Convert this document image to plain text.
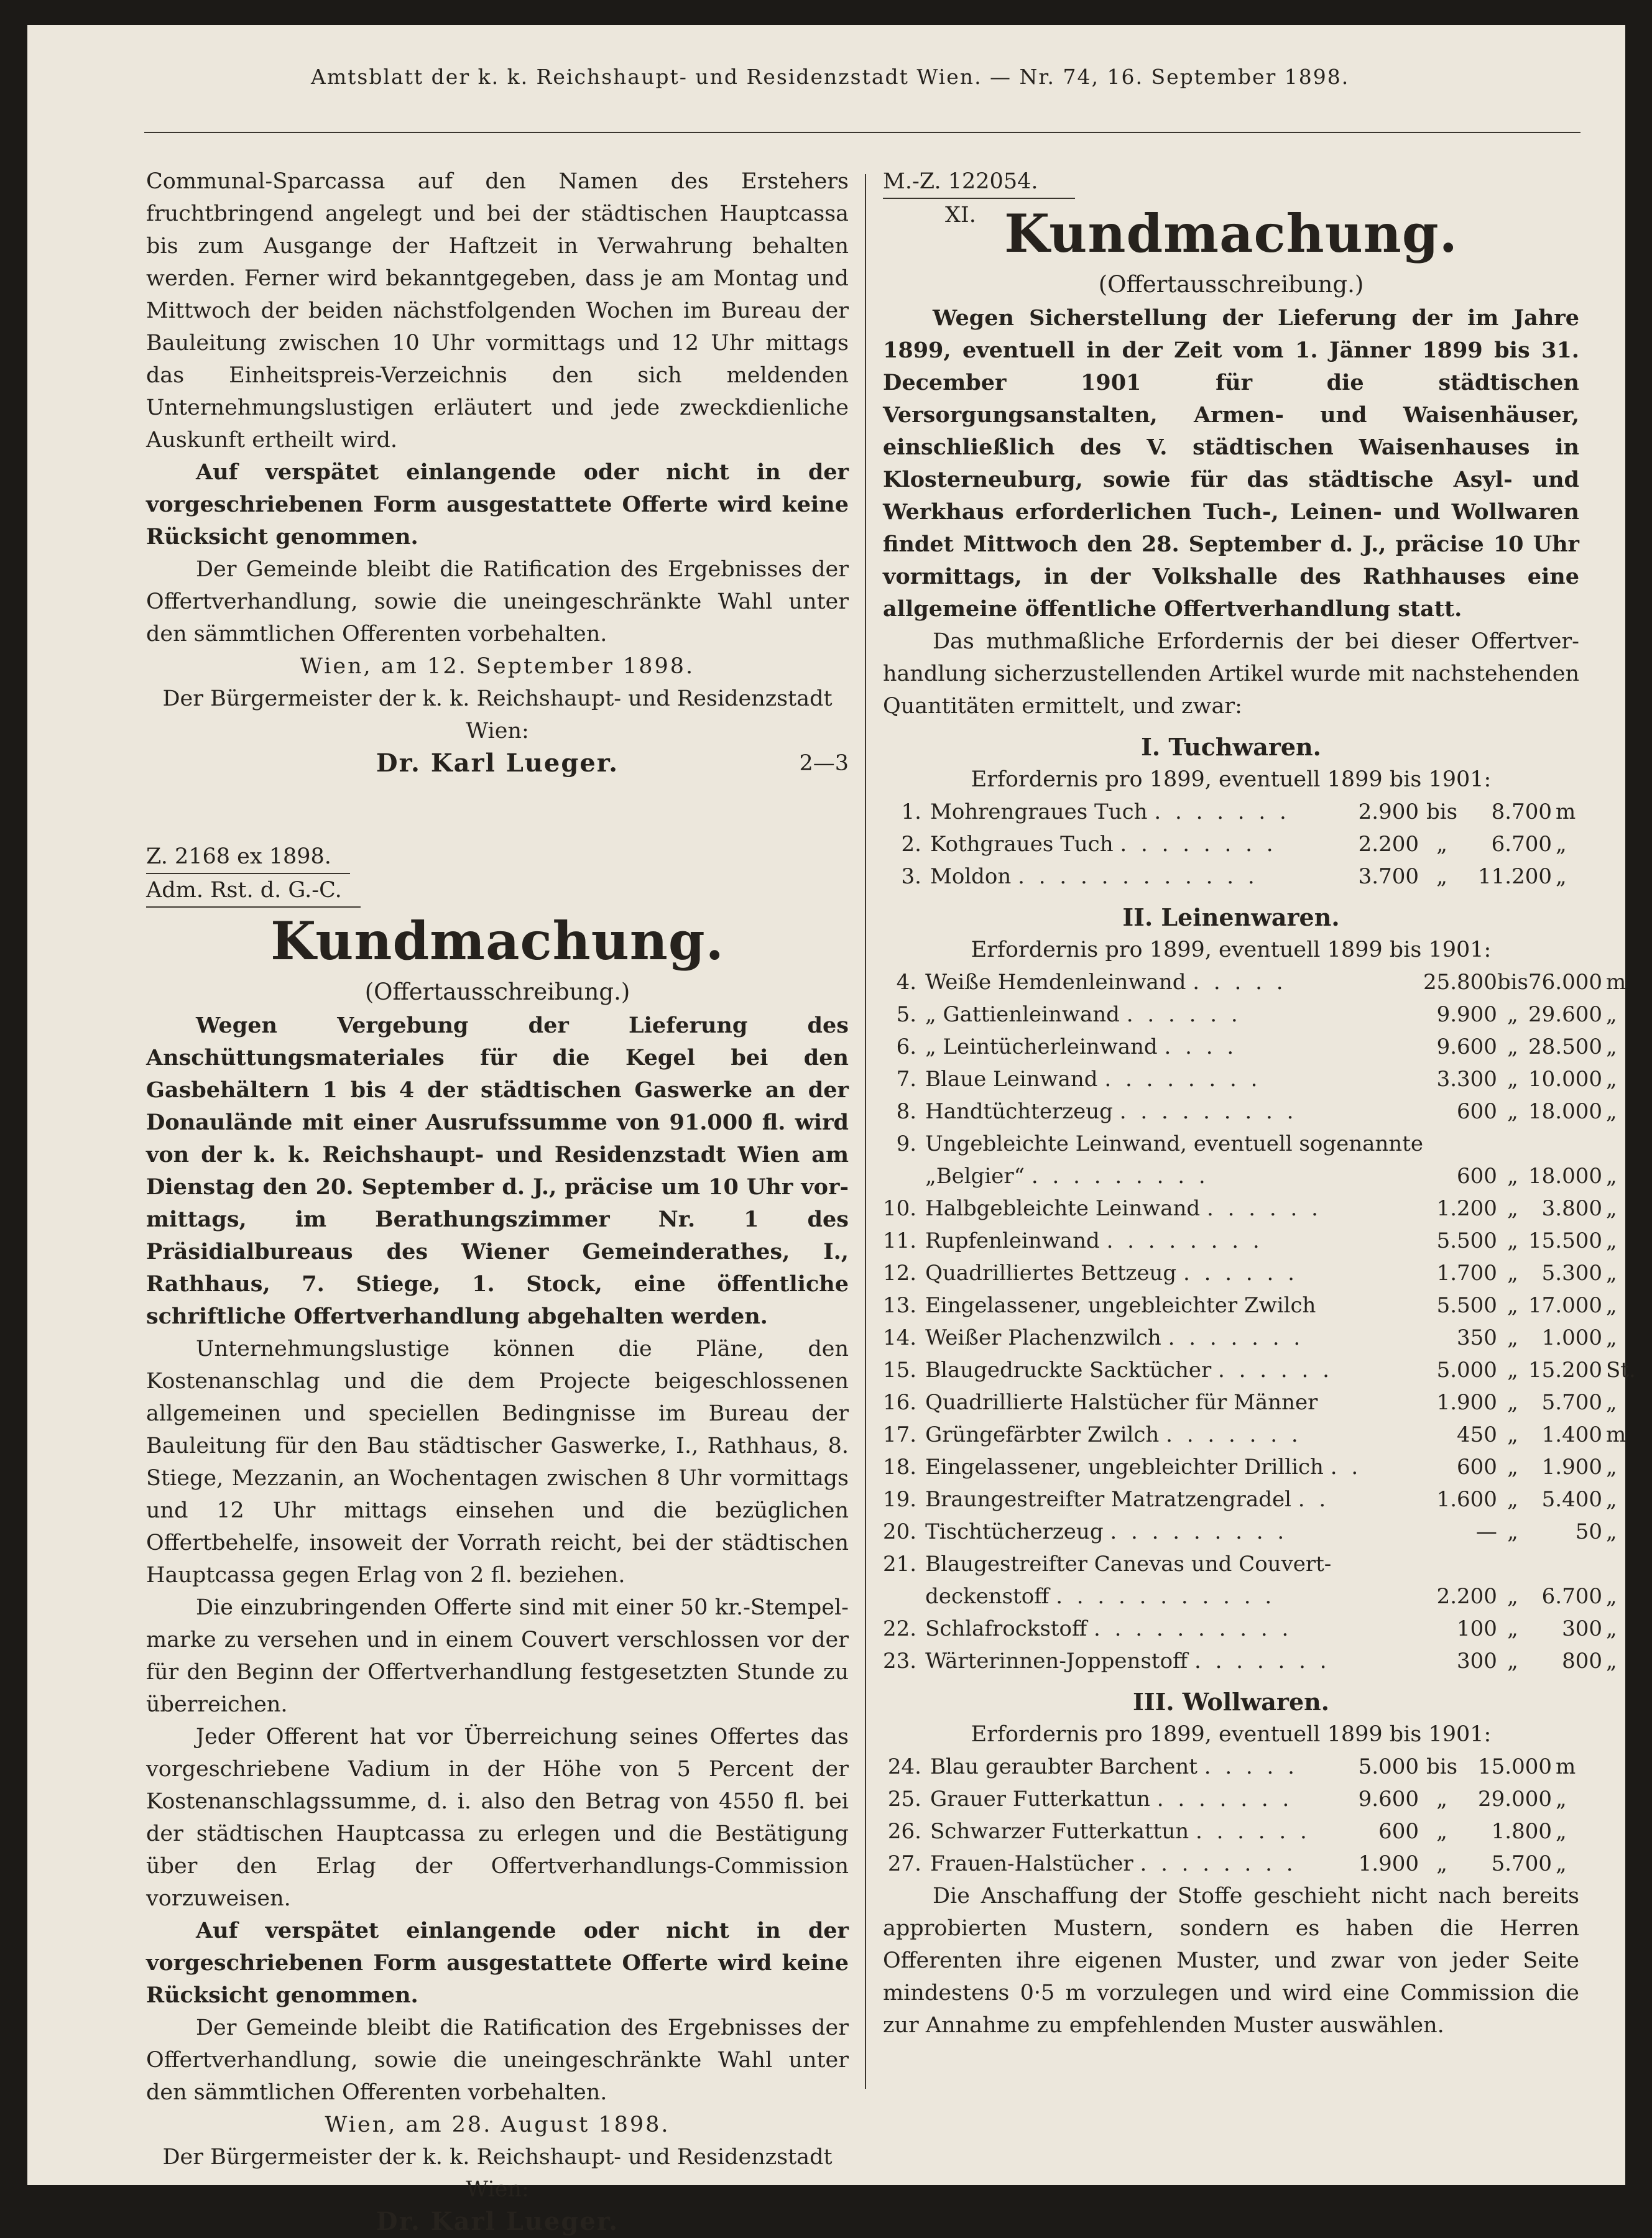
Amtsblatt der k. k. Reichshaupt- und Residenzstadt Wien. — Nr. 74, 16. September 1898.

Communal-Sparcassa auf den Namen des Erstehers fruchtbringend angelegt und bei der städtischen Hauptcassa bis zum Ausgange der Haftzeit in Verwahrung behalten werden. Ferner wird bekanntgegeben, dass je am Montag und Mittwoch der beiden nächstfolgenden Wochen im Bureau der Bauleitung zwischen 10 Uhr vormittags und 12 Uhr mittags das Einheitspreis-Verzeichnis den sich meldenden Unternehmungslustigen erläutert und jede zweckdienliche Auskunft ertheilt wird.

Auf verspätet einlangende oder nicht in der vorgeschriebenen Form ausgestattete Offerte wird keine Rücksicht genommen.

Der Gemeinde bleibt die Ratification des Ergebnisses der Offertverhandlung, sowie die uneingeschränkte Wahl unter den sämmtlichen Offerenten vorbehalten.

Wien, am 12. September 1898.

Der Bürgermeister der k. k. Reichshaupt- und Residenzstadt Wien:

Dr. Karl Lueger.	2—3
Z. 2168 ex 1898.
Adm. Rst. d. G.-C.
Kundmachung.
(Offertausschreibung.)

Wegen Vergebung der Lieferung des Anschüttungsmateriales für die Kegel bei den Gasbehältern 1 bis 4 der städtischen Gaswerke an der Donaulände mit einer Ausrufssumme von 91.000 fl. wird von der k. k. Reichshaupt- und Residenzstadt Wien am Dienstag den 20. September d. J., präcise um 10 Uhr vormittags, im Berathungszimmer Nr. 1 des Präsidialbureaus des Wiener Gemeinderathes, I., Rathhaus, 7. Stiege, 1. Stock, eine öffentliche schriftliche Offertverhandlung abgehalten werden.

Unternehmungslustige können die Pläne, den Kostenanschlag und die dem Projecte beigeschlossenen allgemeinen und speciellen Bedingnisse im Bureau der Bauleitung für den Bau städtischer Gaswerke, I., Rathhaus, 8. Stiege, Mezzanin, an Wochentagen zwischen 8 Uhr vormittags und 12 Uhr mittags einsehen und die bezüglichen Offertbehelfe, insoweit der Vorrath reicht, bei der städtischen Hauptcassa gegen Erlag von 2 fl. beziehen.

Die einzubringenden Offerte sind mit einer 50 kr.-Stempelmarke zu versehen und in einem Couvert verschlossen vor der für den Beginn der Offertverhandlung festgesetzten Stunde zu überreichen.

Jeder Offerent hat vor Überreichung seines Offertes das vorgeschriebene Vadium in der Höhe von 5 Percent der Kostenanschlagssumme, d. i. also den Betrag von 4550 fl. bei der städtischen Hauptcassa zu erlegen und die Bestätigung über den Erlag der Offertverhandlungs-Commission vorzuweisen.

Auf verspätet einlangende oder nicht in der vorgeschriebenen Form ausgestattete Offerte wird keine Rücksicht genommen.

Der Gemeinde bleibt die Ratification des Ergebnisses der Offertverhandlung, sowie die uneingeschränkte Wahl unter den sämmtlichen Offerenten vorbehalten.

Wien, am 28. August 1898.

Der Bürgermeister der k. k. Reichshaupt- und Residenzstadt Wien:

Dr. Karl Lueger.
M.-Z. 122054.
XI. Kundmachung.
(Offertausschreibung.)

Wegen Sicherstellung der Lieferung der im Jahre 1899, eventuell in der Zeit vom 1. Jänner 1899 bis 31. December 1901 für die städtischen Versorgungsanstalten, Armen- und Waisenhäuser, einschließlich des V. städtischen Waisenhauses in Klosterneuburg, sowie für das städtische Asyl- und Werkhaus erforderlichen Tuch-, Leinen- und Wollwaren findet Mittwoch den 28. September d. J., präcise 10 Uhr vormittags, in der Volkshalle des Rathhauses eine allgemeine öffentliche Offertverhandlung statt.

Das muthmaßliche Erfordernis der bei dieser Offertverhandlung sicherzustellenden Artikel wurde mit nachstehenden Quantitäten ermittelt, und zwar:

I. Tuchwaren.
Erfordernis pro 1899, eventuell 1899 bis 1901:
1.	Mohrengraues Tuch . . . . . . .	2.900	bis	8.700	m
2.	Kothgraues Tuch . . . . . . . .	2.200	„	6.700	„
3.	Moldon . . . . . . . . . . . .	3.700	„	11.200	„
II. Leinenwaren.
Erfordernis pro 1899, eventuell 1899 bis 1901:
4.	Weiße Hemdenleinwand . . . . .	25.800	bis	76.000	m
5.	„ Gattienleinwand . . . . . .	9.900	„	29.600	„
6.	„ Leintücherleinwand . . . .	9.600	„	28.500	„
7.	Blaue Leinwand . . . . . . . .	3.300	„	10.000	„
8.	Handtüchterzeug . . . . . . . . .	600	„	18.000	„
9.	Ungebleichte Leinwand, eventuell sogenannte				
	„Belgier“ . . . . . . . . .	600	„	18.000	„
10.	Halbgebleichte Leinwand . . . . . .	1.200	„	3.800	„
11.	Rupfenleinwand . . . . . . . .	5.500	„	15.500	„
12.	Quadrilliertes Bettzeug . . . . . .	1.700	„	5.300	„
13.	Eingelassener, ungebleichter Zwilch	5.500	„	17.000	„
14.	Weißer Plachenzwilch . . . . . . .	350	„	1.000	„
15.	Blaugedruckte Sacktücher . . . . . .	5.000	„	15.200	St.
16.	Quadrillierte Halstücher für Männer	1.900	„	5.700	„
17.	Grüngefärbter Zwilch . . . . . . .	450	„	1.400	m
18.	Eingelassener, ungebleichter Drillich . .	600	„	1.900	„
19.	Braungestreifter Matratzengradel . .	1.600	„	5.400	„
20.	Tischtücherzeug . . . . . . . . .	—	„	50	„
21.	Blaugestreifter Canevas und Couvert-				
	deckenstoff . . . . . . . . . . .	2.200	„	6.700	„
22.	Schlafrockstoff . . . . . . . . . .	100	„	300	„
23.	Wärterinnen-Joppenstoff . . . . . . .	300	„	800	„
III. Wollwaren.
Erfordernis pro 1899, eventuell 1899 bis 1901:
24.	Blau geraubter Barchent . . . . .	5.000	bis	15.000	m
25.	Grauer Futterkattun . . . . . . .	9.600	„	29.000	„
26.	Schwarzer Futterkattun . . . . . .	600	„	1.800	„
27.	Frauen-Halstücher . . . . . . . .	1.900	„	5.700	„

Die Anschaffung der Stoffe geschieht nicht nach bereits approbierten Mustern, sondern es haben die Herren Offerenten ihre eigenen Muster, und zwar von jeder Seite mindestens 0·5 m vorzulegen und wird eine Commission die zur Annahme zu empfehlenden Muster auswählen.
